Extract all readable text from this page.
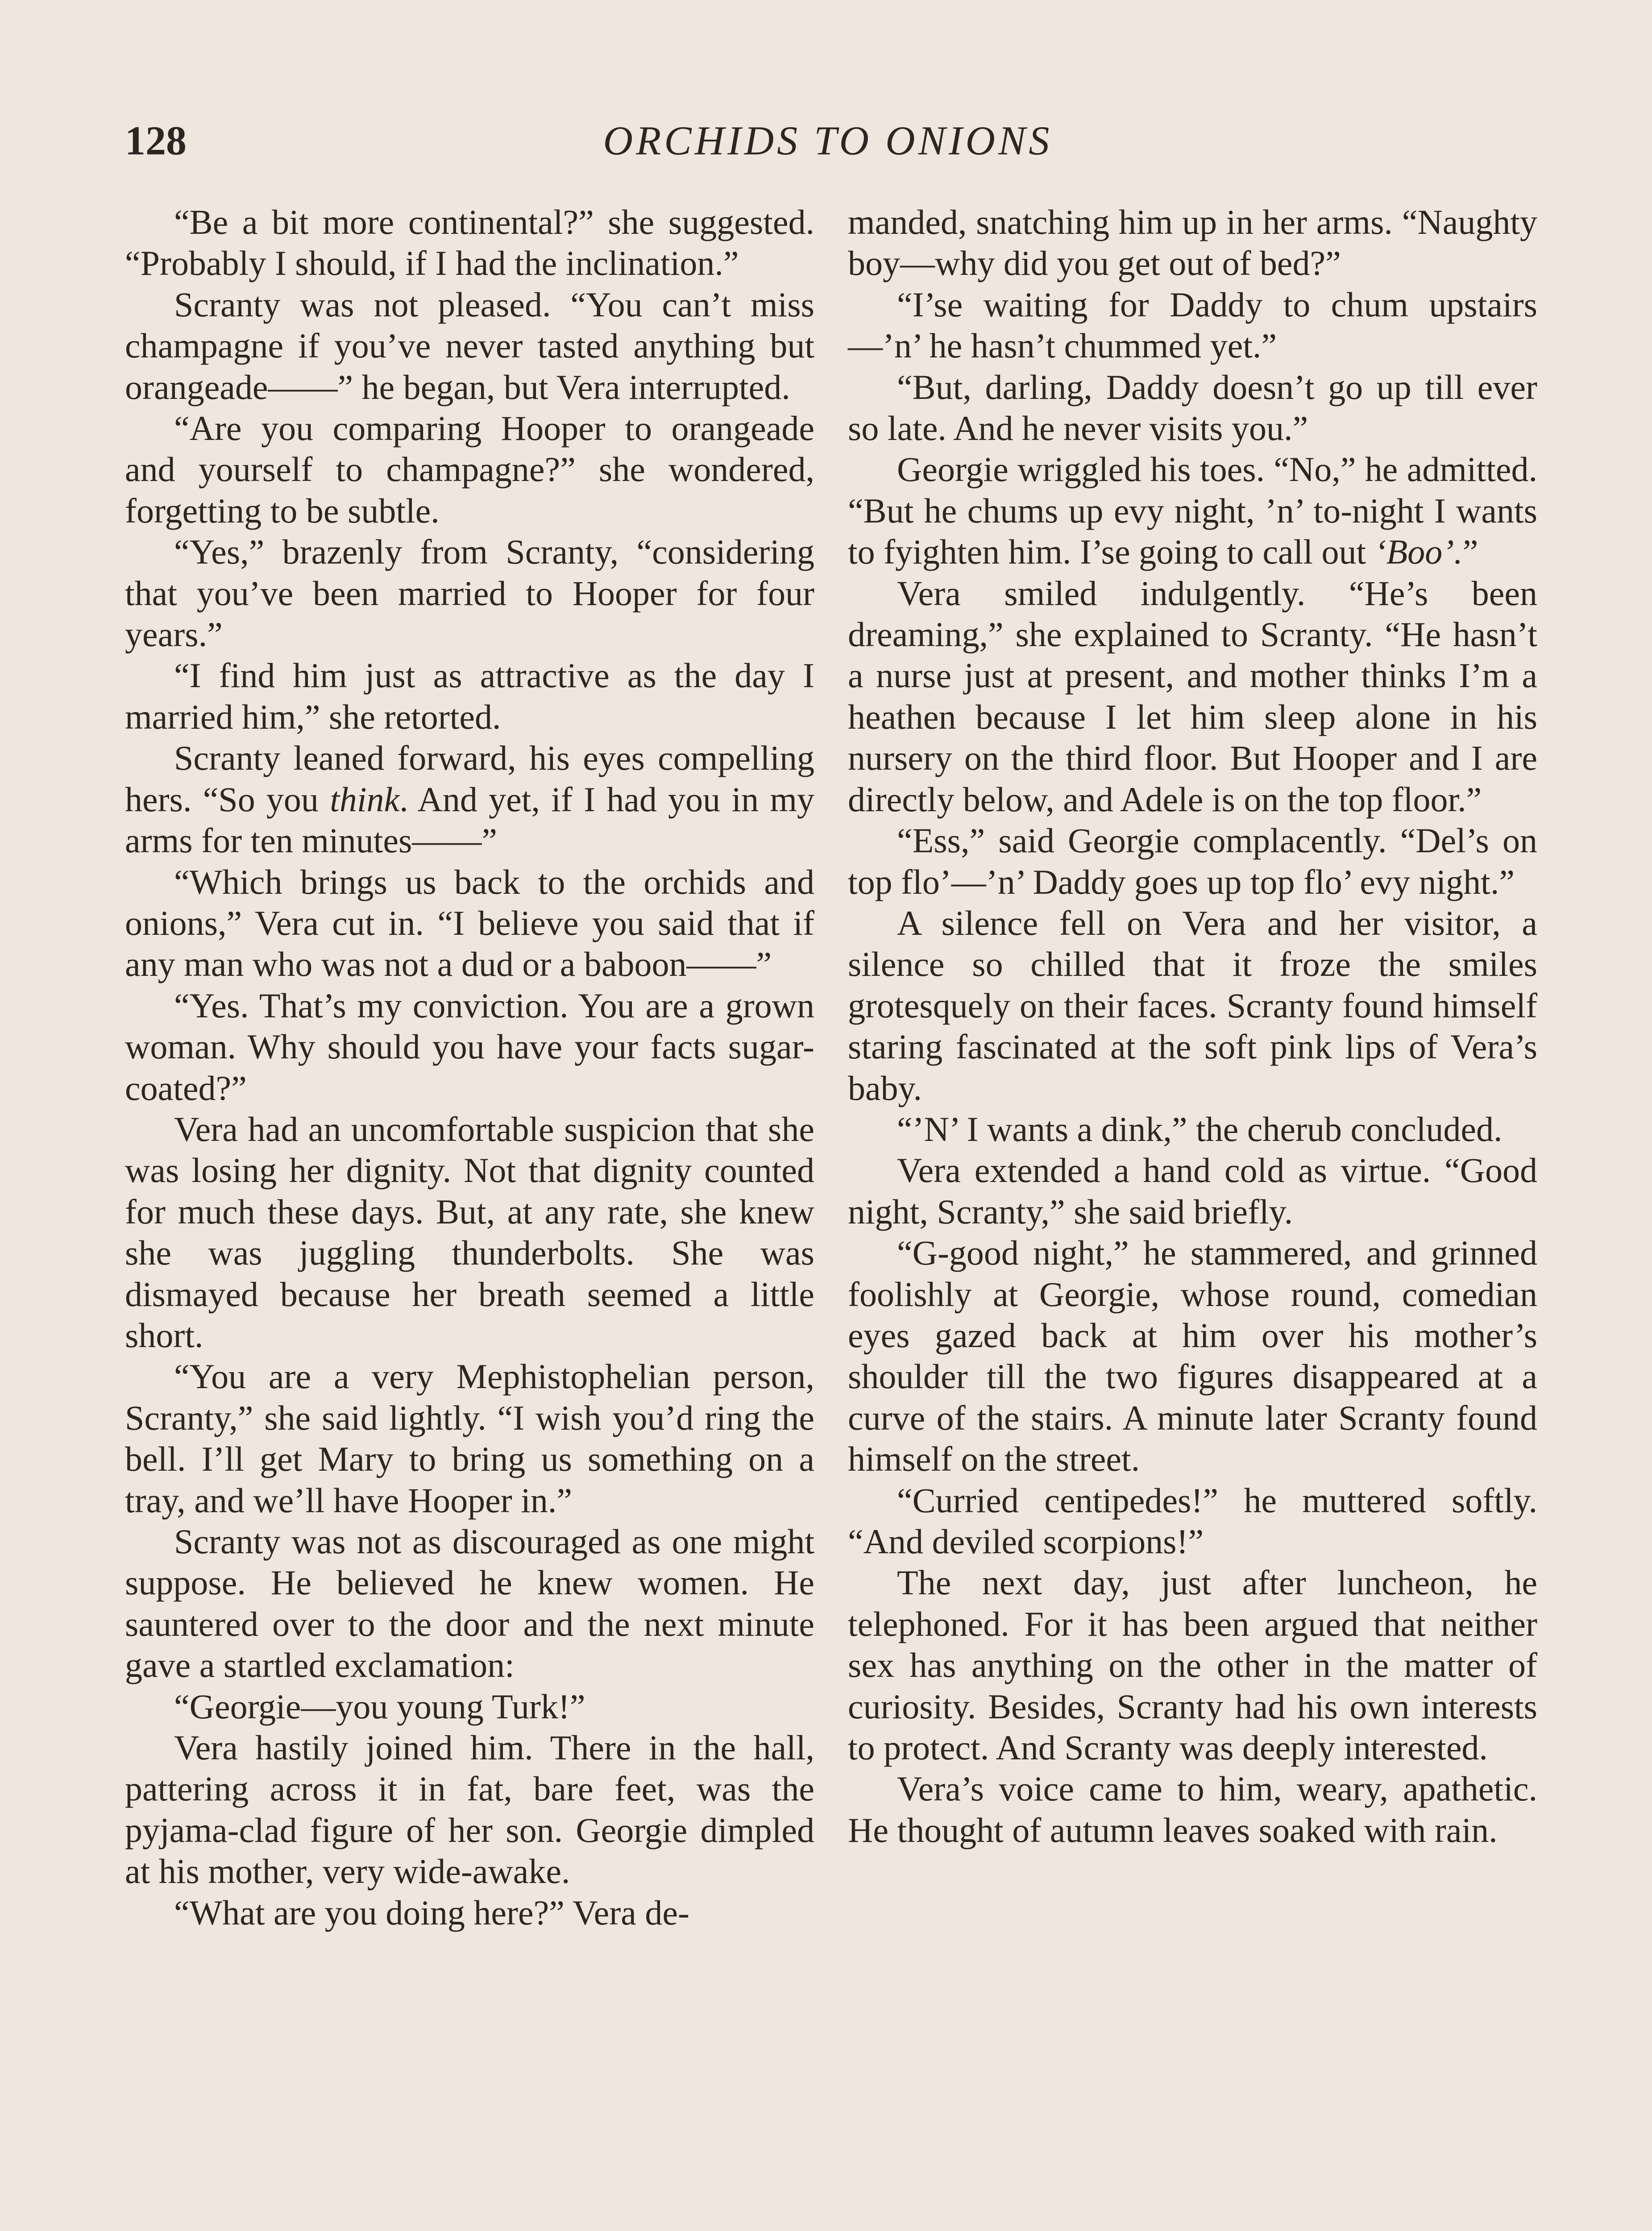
128	ORCHIDS TO ONIONS

“Be a bit more continental?” she suggested. “Probably I should, if I had the inclination.”

Scranty was not pleased. “You can’t miss champagne if you’ve never tasted anything but orangeade——” he began, but Vera interrupted.

“Are you comparing Hooper to orangeade and yourself to champagne?” she wondered, forgetting to be subtle.

“Yes,” brazenly from Scranty, “considering that you’ve been married to Hooper for four years.”

“I find him just as attractive as the day I married him,” she retorted.

Scranty leaned forward, his eyes compelling hers. “So you think. And yet, if I had you in my arms for ten minutes——”

“Which brings us back to the orchids and onions,” Vera cut in. “I believe you said that if any man who was not a dud or a baboon——”

“Yes. That’s my conviction. You are a grown woman. Why should you have your facts sugar-coated?”

Vera had an uncomfortable suspicion that she was losing her dignity. Not that dignity counted for much these days. But, at any rate, she knew she was juggling thunderbolts. She was dismayed because her breath seemed a little short.

“You are a very Mephistophelian person, Scranty,” she said lightly. “I wish you’d ring the bell. I’ll get Mary to bring us something on a tray, and we’ll have Hooper in.”

Scranty was not as discouraged as one might suppose. He believed he knew women. He sauntered over to the door and the next minute gave a startled exclamation:

“Georgie—you young Turk!”

Vera hastily joined him. There in the hall, pattering across it in fat, bare feet, was the pyjama-clad figure of her son. Georgie dimpled at his mother, very wide-awake.

“What are you doing here?” Vera de-

manded, snatching him up in her arms. “Naughty boy—why did you get out of bed?”

“I’se waiting for Daddy to chum upstairs—’n’ he hasn’t chummed yet.”

“But, darling, Daddy doesn’t go up till ever so late. And he never visits you.”

Georgie wriggled his toes. “No,” he admitted. “But he chums up evy night, ’n’ to-night I wants to fyighten him. I’se going to call out ‘Boo’.”

Vera smiled indulgently. “He’s been dreaming,” she explained to Scranty. “He hasn’t a nurse just at present, and mother thinks I’m a heathen because I let him sleep alone in his nursery on the third floor. But Hooper and I are directly below, and Adele is on the top floor.”

“Ess,” said Georgie complacently. “Del’s on top flo’—’n’ Daddy goes up top flo’ evy night.”

A silence fell on Vera and her visitor, a silence so chilled that it froze the smiles grotesquely on their faces. Scranty found himself staring fascinated at the soft pink lips of Vera’s baby.

“’N’ I wants a dink,” the cherub concluded.

Vera extended a hand cold as virtue. “Good night, Scranty,” she said briefly.

“G-good night,” he stammered, and grinned foolishly at Georgie, whose round, comedian eyes gazed back at him over his mother’s shoulder till the two figures disappeared at a curve of the stairs. A minute later Scranty found himself on the street.

“Curried centipedes!” he muttered softly. “And deviled scorpions!”

The next day, just after luncheon, he telephoned. For it has been argued that neither sex has anything on the other in the matter of curiosity. Besides, Scranty had his own interests to protect. And Scranty was deeply interested.

Vera’s voice came to him, weary, apathetic. He thought of autumn leaves soaked with rain.
